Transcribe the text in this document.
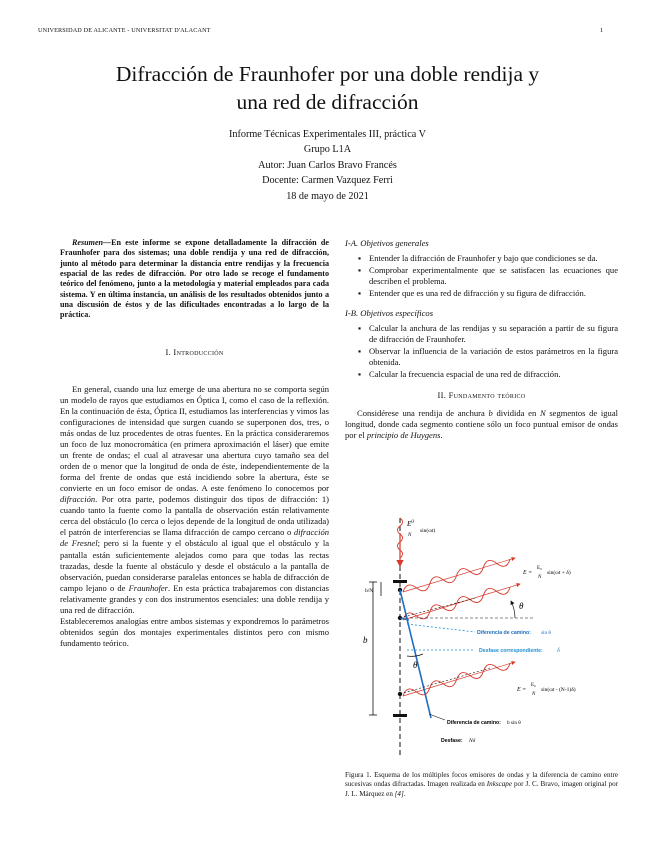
UNIVERSIDAD DE ALICANTE - UNIVERSITAT D'ALACANT	1
Difracción de Fraunhofer por una doble rendija y
una red de difracción
Informe Técnicas Experimentales III, práctica V
Grupo L1A
Autor: Juan Carlos Bravo Francés
Docente: Carmen Vazquez Ferri
18 de mayo de 2021

Resumen—En este informe se expone detalladamente la difracción de Fraunhofer para dos sistemas; una doble rendija y una red de difracción, junto al método para determinar la distancia entre rendijas y la frecuencia espacial de las redes de difracción. Por otro lado se recoge el fundamento teórico del fenómeno, junto a la metodología y material empleados para cada sistema. Y en última instancia, un análisis de los resultados obtenidos junto a una discusión de éstos y de las dificultades encontradas a lo largo de la práctica.

I. Introducción

En general, cuando una luz emerge de una abertura no se comporta según un modelo de rayos que estudiamos en Óptica I, como el caso de la reflexión. En la continuación de ésta, Óptica II, estudiamos las interferencias y vimos las configuraciones de intensidad que surgen cuando se superponen dos, tres, o más ondas de luz procedentes de otras fuentes. En la práctica consideraremos un foco de luz monocromática (en primera aproximación el láser) que emite un frente de ondas; el cual al atravesar una abertura cuyo tamaño sea del orden de o menor que la longitud de onda de éste, independientemente de la forma del frente de ondas que está incidiendo sobre la abertura, éste se convierte en un foco emisor de ondas. A este fenómeno lo conocemos por difracción. Por otra parte, podemos distinguir dos tipos de difracción: 1) cuando tanto la fuente como la pantalla de observación están relativamente cerca del obstáculo (lo cerca o lejos depende de la longitud de onda utilizada) el patrón de interferencias se llama difracción de campo cercano o difracción de Fresnel; pero si la fuente y el obstáculo al igual que el obstáculo y la pantalla están suficientemente alejados como para que todas las rectas trazadas, desde la fuente al obstáculo y desde el obstáculo a la pantalla de observación, puedan considerarse paralelas entonces se habla de difracción de campo lejano o de Fraunhofer. En esta práctica trabajaremos con distancias relativamente grandes y con dos instrumentos esenciales: una doble rendija y una red de difracción.

Estableceremos analogías entre ambos sistemas y expondremos lo parámetros obtenidos según dos montajes experimentales distintos pero con mismo fundamento teórico.

I-A. Objetivos generales
▪ Entender la difracción de Fraunhofer y bajo que condiciones se da.
▪ Comprobar experimentalmente que se satisfacen las ecuaciones que describen el problema.
▪ Entender que es una red de difracción y su figura de difracción.
I-B. Objetivos específicos
▪ Calcular la anchura de las rendijas y su separación a partir de su figura de difracción de Fraunhofer.
▪ Observar la influencia de la variación de estos parámetros en la figura obtenida.
▪ Calcular la frecuencia espacial de una red de difracción.
II. Fundamento teórico

Considérese una rendija de anchura b dividida en N segmentos de igual longitud, donde cada segmento contiene sólo un foco puntual emisor de ondas por el principio de Huygens.

b
b/N
$E^0$
sin(ωt)
N
E =
E₀
N
sin(ωt + δ)
E =
E₀
N
sin(ωt - (N-1)δ)
θ
θ
Diferencia de camino: sin θ
Desfase correspondiente: δ
Diferencia de camino: b sin θ
Desfase: Nδ
Figura 1. Esquema de los múltiples focos emisores de ondas y la diferencia de camino entre sucesivas ondas difractadas. Imagen realizada en Inkscape por J. C. Bravo, imagen original por J. L. Márquez en [4].
